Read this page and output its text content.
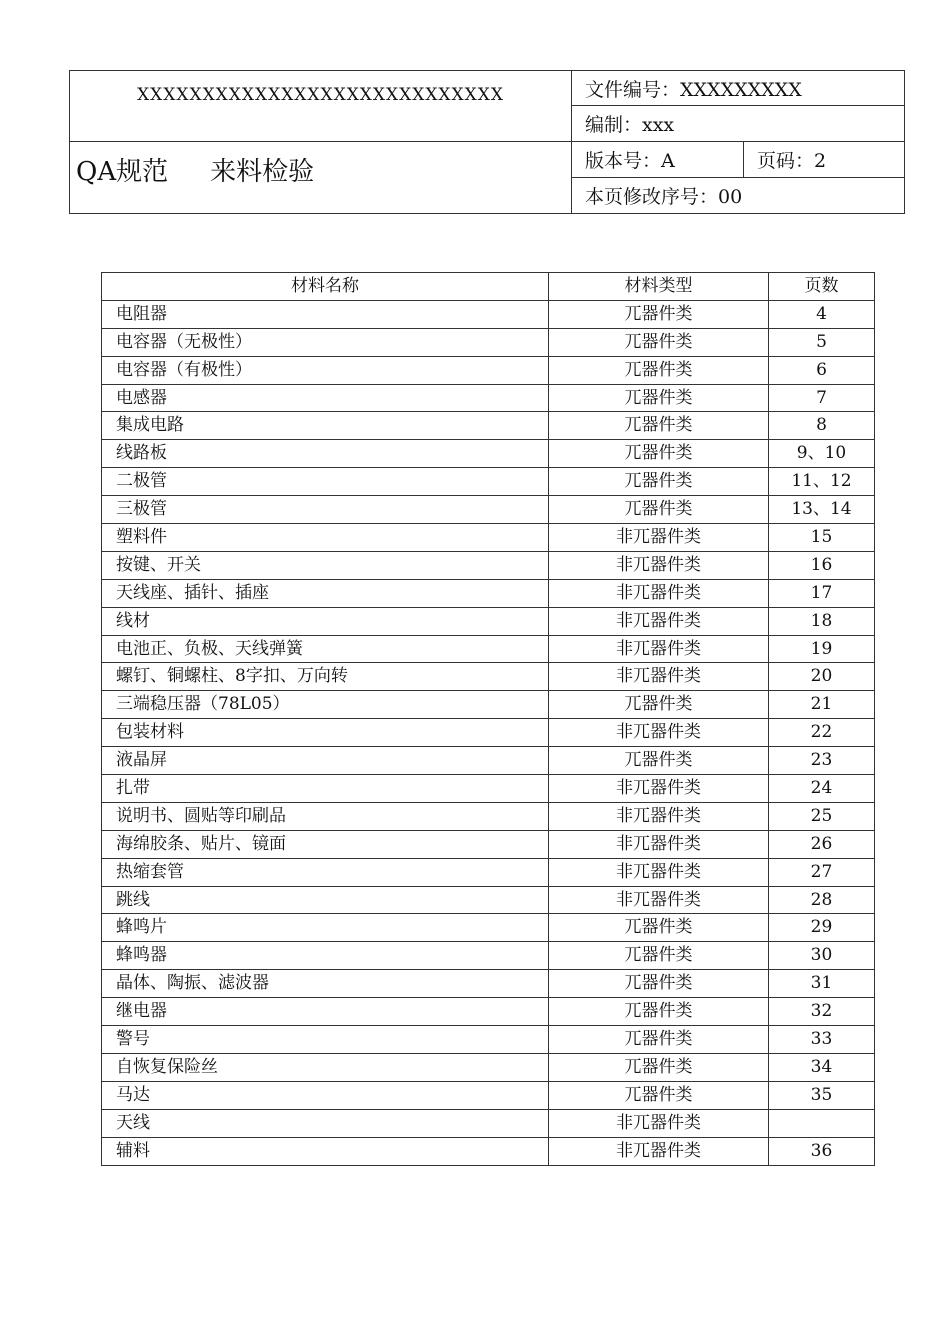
XXXXXXXXXXXXXXXXXXXXXXXXXXXX
QA规范 来料检验
文件编号：XXXXXXXXX
编制：xxx
版本号：A	页码：2
本页修改序号：00
材料名称	材料类型	页数
电阻器	兀器件类	4
电容器（无极性）	兀器件类	5
电容器（有极性）	兀器件类	6
电感器	兀器件类	7
集成电路	兀器件类	8
线路板	兀器件类	9、10
二极管	兀器件类	11、12
三极管	兀器件类	13、14
塑料件	非兀器件类	15
按键、开关	非兀器件类	16
天线座、插针、插座	非兀器件类	17
线材	非兀器件类	18
电池正、负极、天线弹簧	非兀器件类	19
螺钉、铜螺柱、8字扣、万向转	非兀器件类	20
三端稳压器（78L05）	兀器件类	21
包装材料	非兀器件类	22
液晶屏	兀器件类	23
扎带	非兀器件类	24
说明书、圆贴等印刷品	非兀器件类	25
海绵胶条、贴片、镜面	非兀器件类	26
热缩套管	非兀器件类	27
跳线	非兀器件类	28
蜂鸣片	兀器件类	29
蜂鸣器	兀器件类	30
晶体、陶振、滤波器	兀器件类	31
继电器	兀器件类	32
警号	兀器件类	33
自恢复保险丝	兀器件类	34
马达	兀器件类	35
天线	非兀器件类	
辅料	非兀器件类	36
